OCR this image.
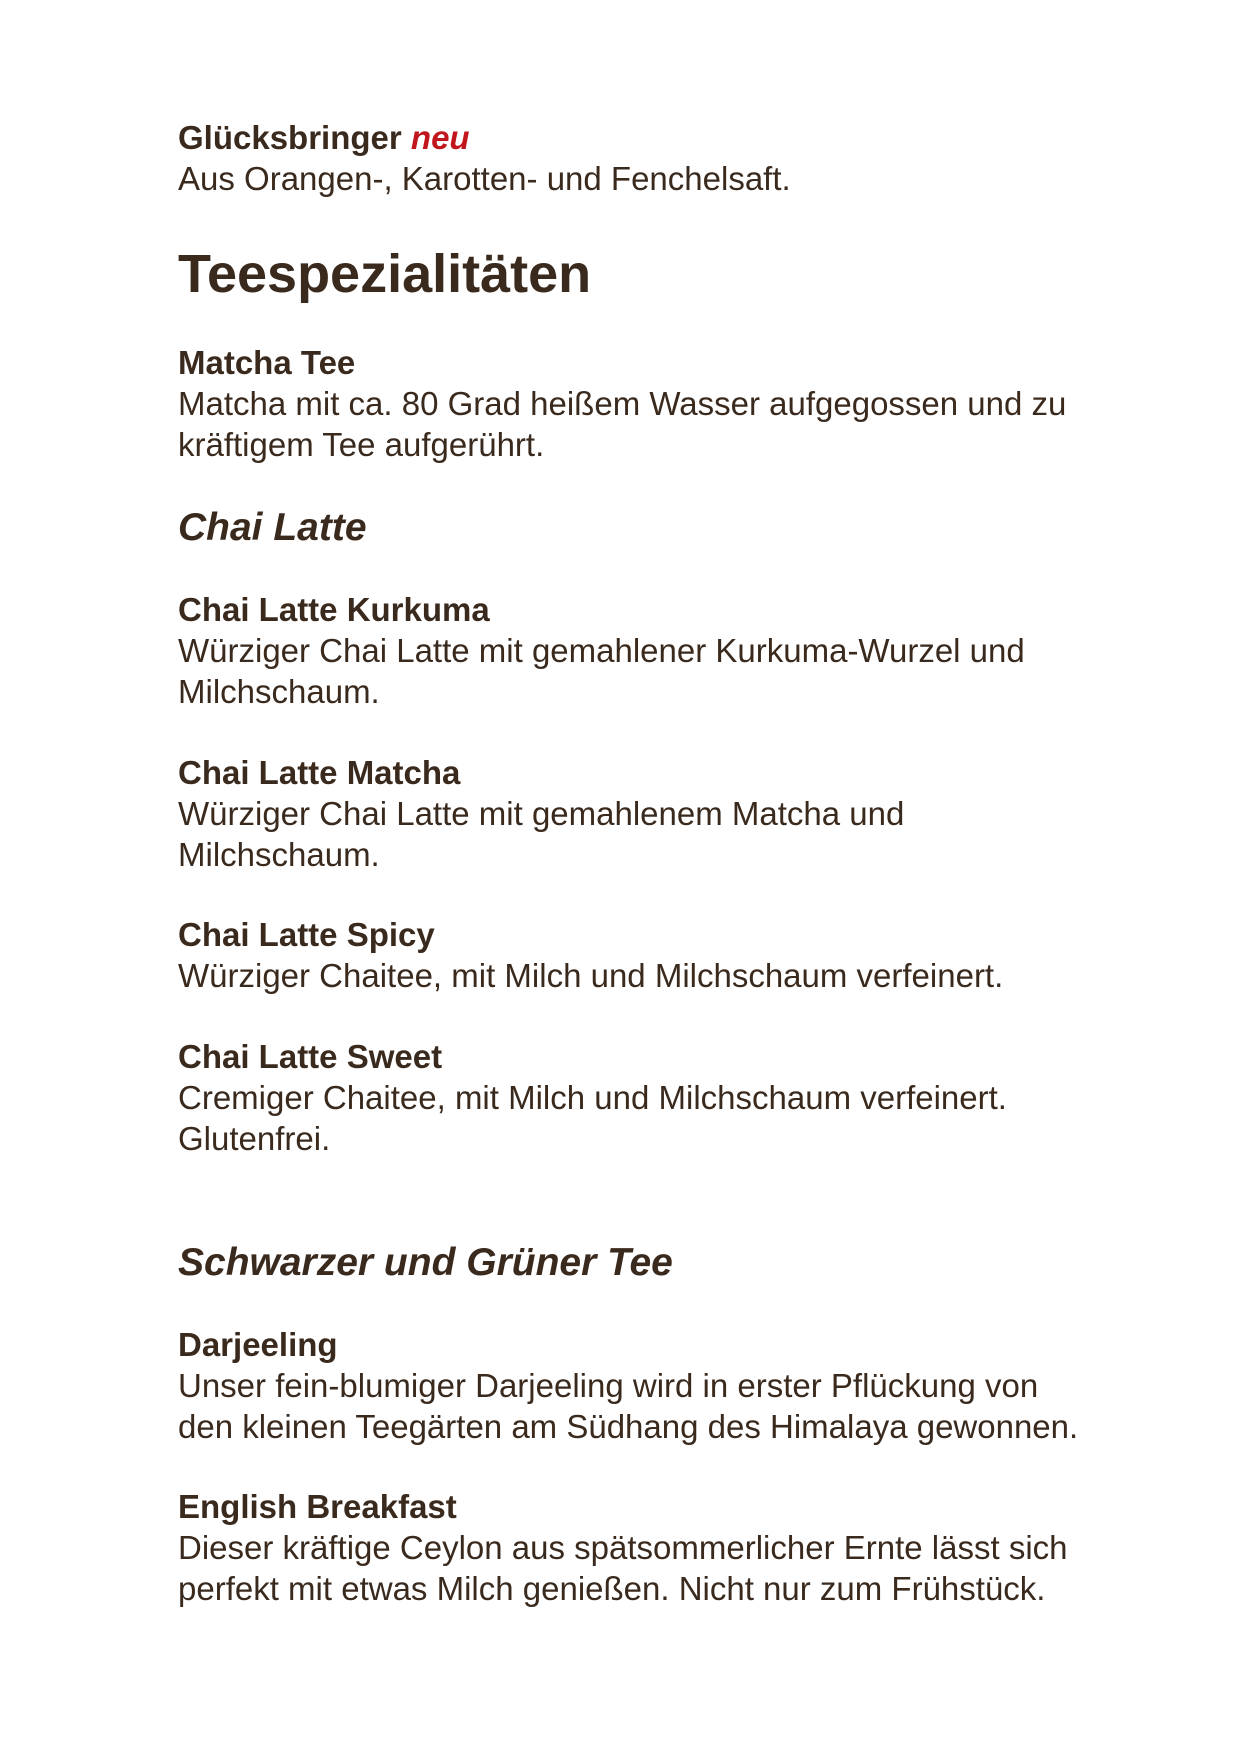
Glücksbringer neu

Aus Orangen-, Karotten- und Fenchelsaft.

Teespezialitäten

Matcha Tee

Matcha mit ca. 80 Grad heißem Wasser aufgegossen und zu
kräftigem Tee aufgerührt.

Chai Latte

Chai Latte Kurkuma

Würziger Chai Latte mit gemahlener Kurkuma-Wurzel und
Milchschaum.

Chai Latte Matcha

Würziger Chai Latte mit gemahlenem Matcha und
Milchschaum.

Chai Latte Spicy

Würziger Chaitee, mit Milch und Milchschaum verfeinert.

Chai Latte Sweet

Cremiger Chaitee, mit Milch und Milchschaum verfeinert.
Glutenfrei.

Schwarzer und Grüner Tee

Darjeeling

Unser fein-blumiger Darjeeling wird in erster Pflückung von
den kleinen Teegärten am Südhang des Himalaya gewonnen.

English Breakfast

Dieser kräftige Ceylon aus spätsommerlicher Ernte lässt sich
perfekt mit etwas Milch genießen. Nicht nur zum Frühstück.
